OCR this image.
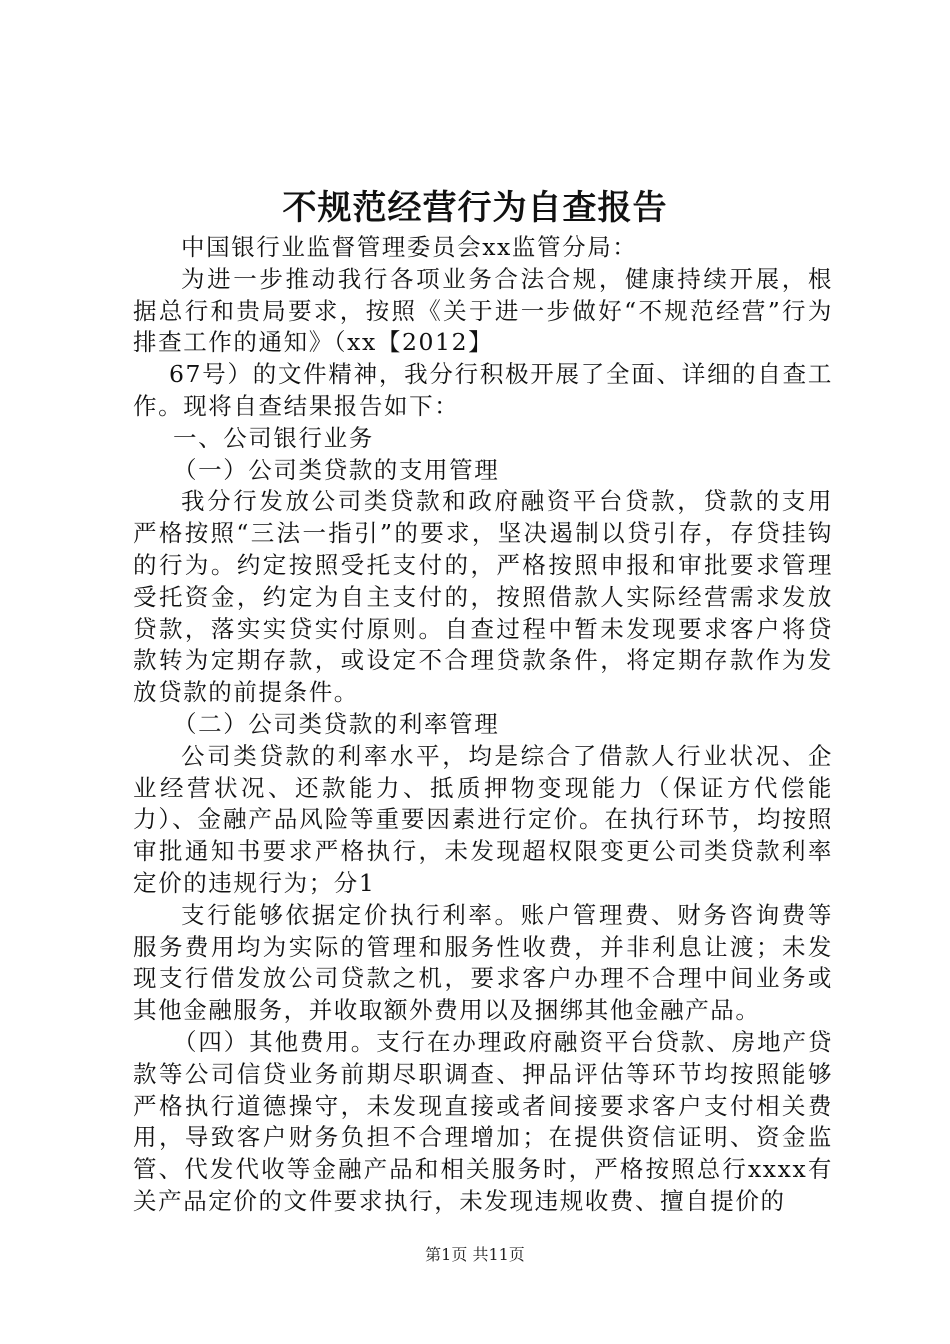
不规范经营行为自查报告

中国银行业监督管理委员会xx监管分局：

为进一步推动我行各项业务合法合规，健康持续开展，根据总行和贵局要求，按照《关于进一步做好“不规范经营”行为排查工作的通知》（xx【2012】

67号）的文件精神，我分行积极开展了全面、详细的自查工作。现将自查结果报告如下：

一、公司银行业务

（一）公司类贷款的支用管理

我分行发放公司类贷款和政府融资平台贷款，贷款的支用严格按照“三法一指引”的要求，坚决遏制以贷引存，存贷挂钩的行为。约定按照受托支付的，严格按照申报和审批要求管理受托资金，约定为自主支付的，按照借款人实际经营需求发放贷款，落实实贷实付原则。自查过程中暂未发现要求客户将贷款转为定期存款，或设定不合理贷款条件，将定期存款作为发放贷款的前提条件。

（二）公司类贷款的利率管理

公司类贷款的利率水平，均是综合了借款人行业状况、企业经营状况、还款能力、抵质押物变现能力（保证方代偿能力）、金融产品风险等重要因素进行定价。在执行环节，均按照审批通知书要求严格执行，未发现超权限变更公司类贷款利率定价的违规行为；分1

支行能够依据定价执行利率。账户管理费、财务咨询费等服务费用均为实际的管理和服务性收费，并非利息让渡；未发现支行借发放公司贷款之机，要求客户办理不合理中间业务或其他金融服务，并收取额外费用以及捆绑其他金融产品。

（四）其他费用。支行在办理政府融资平台贷款、房地产贷款等公司信贷业务前期尽职调查、押品评估等环节均按照能够严格执行道德操守，未发现直接或者间接要求客户支付相关费用，导致客户财务负担不合理增加；在提供资信证明、资金监管、代发代收等金融产品和相关服务时，严格按照总行xxxx有关产品定价的文件要求执行，未发现违规收费、擅自提价的

第1页 共11页
